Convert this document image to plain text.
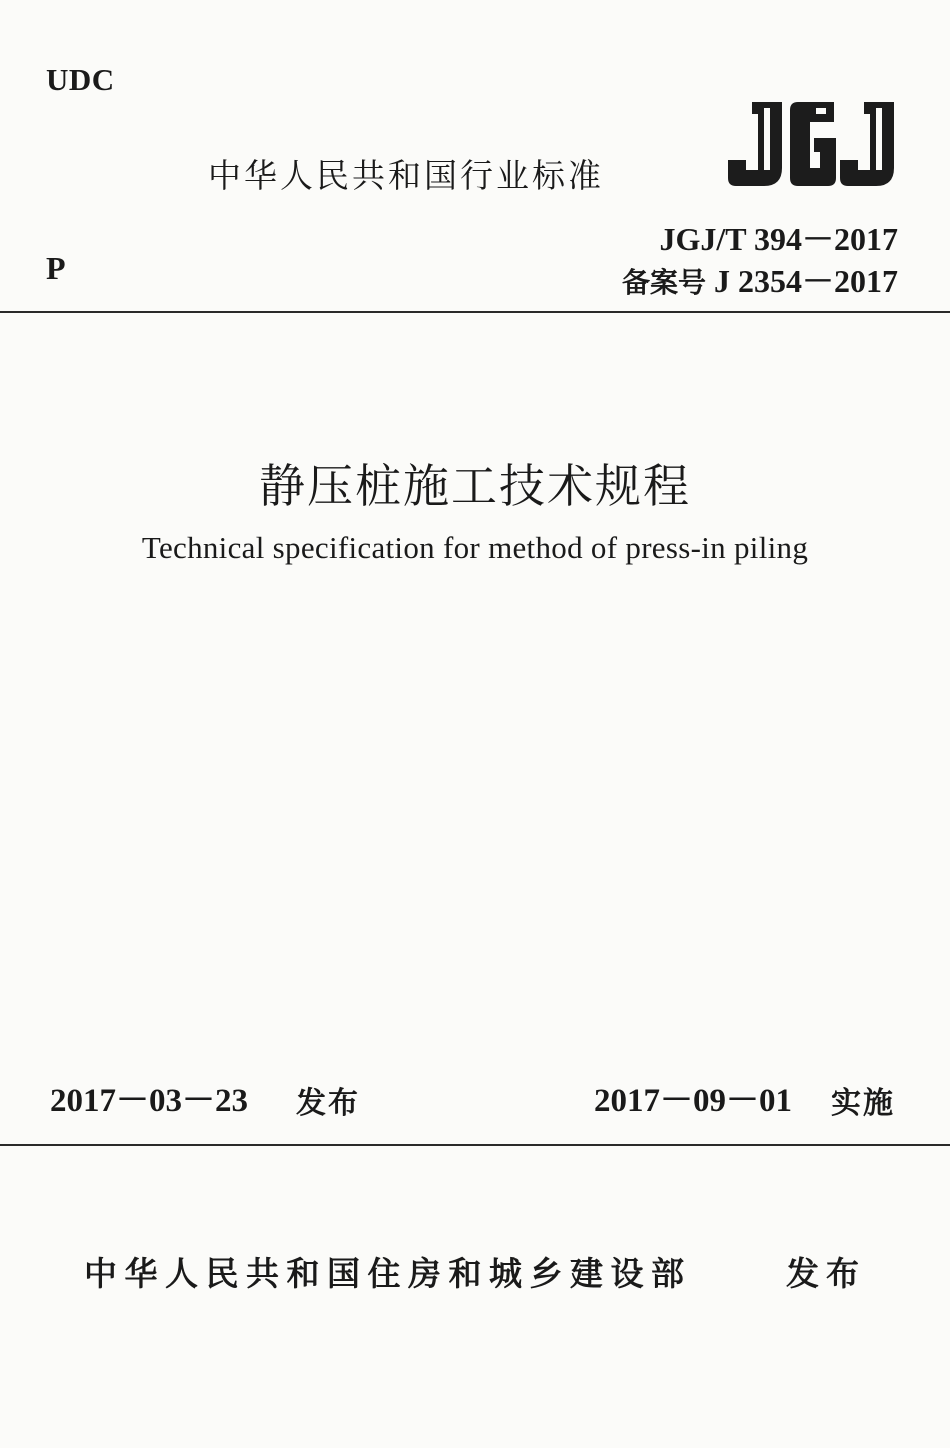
UDC
中华人民共和国行业标准
JGJ/T 394－2017
备案号 J 2354－2017
P
静压桩施工技术规程
Technical specification for method of press-in piling
2017－03－23 发布	2017－09－01 实施
中华人民共和国住房和城乡建设部	发布
